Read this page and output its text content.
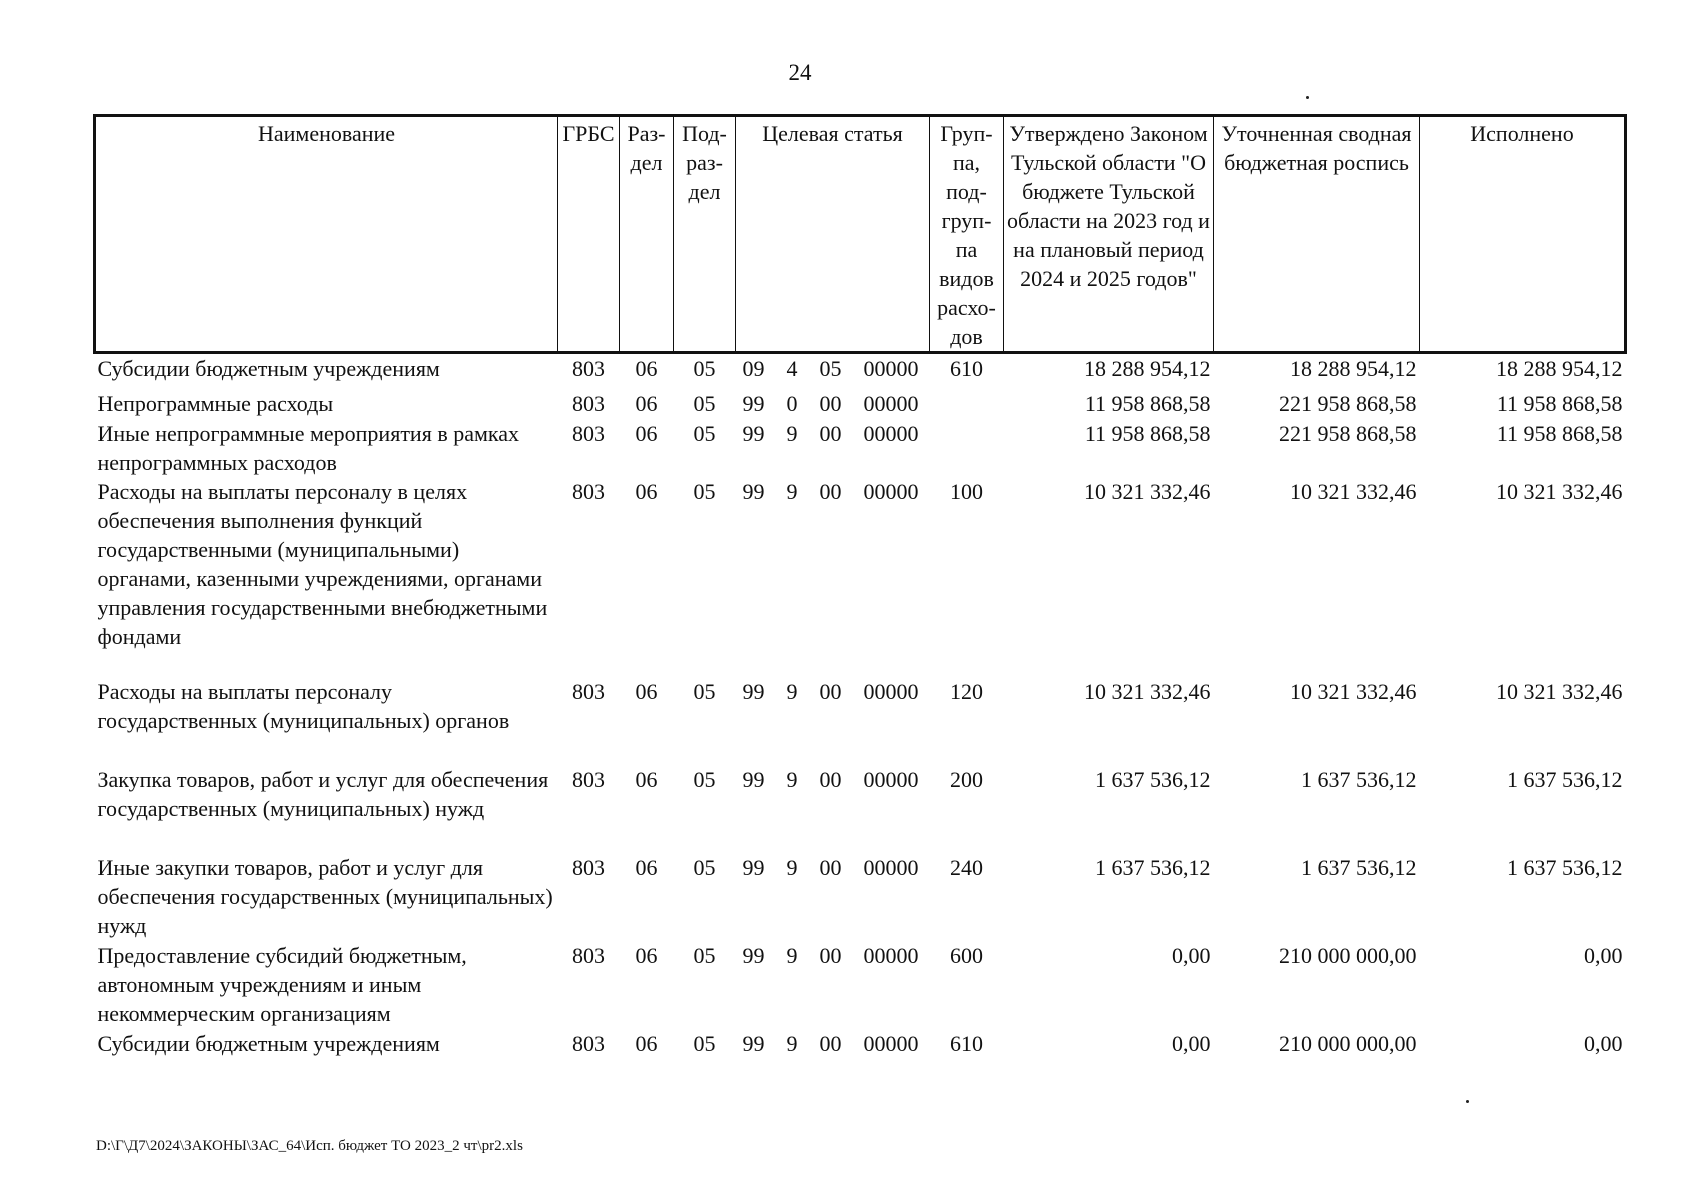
24
Наименование	ГРБС	Раз-дел	Под-раз-дел	Целевая статья	Груп-па, под-груп-па видов расхо-дов	Утверждено Законом Тульской области "О бюджете Тульской области на 2023 год и на плановый период 2024 и 2025 годов"	Уточненная сводная бюджетная роспись	Исполнено
Субсидии бюджетным учреждениям	803	06	05	09 4 05 00000	610	18 288 954,12	18 288 954,12	18 288 954,12
Непрограммные расходы	803	06	05	99 0 00 00000		11 958 868,58	221 958 868,58	11 958 868,58
Иные непрограммные мероприятия в рамках непрограммных расходов	803	06	05	99 9 00 00000		11 958 868,58	221 958 868,58	11 958 868,58
Расходы на выплаты персоналу в целях обеспечения выполнения функций государственными (муниципальными) органами, казенными учреждениями, органами управления государственными внебюджетными фондами	803	06	05	99 9 00 00000	100	10 321 332,46	10 321 332,46	10 321 332,46
Расходы на выплаты персоналу государственных (муниципальных) органов	803	06	05	99 9 00 00000	120	10 321 332,46	10 321 332,46	10 321 332,46
Закупка товаров, работ и услуг для обеспечения государственных (муниципальных) нужд	803	06	05	99 9 00 00000	200	1 637 536,12	1 637 536,12	1 637 536,12
Иные закупки товаров, работ и услуг для обеспечения государственных (муниципальных) нужд	803	06	05	99 9 00 00000	240	1 637 536,12	1 637 536,12	1 637 536,12
Предоставление субсидий бюджетным, автономным учреждениям и иным некоммерческим организациям	803	06	05	99 9 00 00000	600	0,00	210 000 000,00	0,00
Субсидии бюджетным учреждениям	803	06	05	99 9 00 00000	610	0,00	210 000 000,00	0,00
D:\Г\Д7\2024\ЗАКОНЫ\ЗАС_64\Исп. бюджет ТО 2023_2 чт\pr2.xls
